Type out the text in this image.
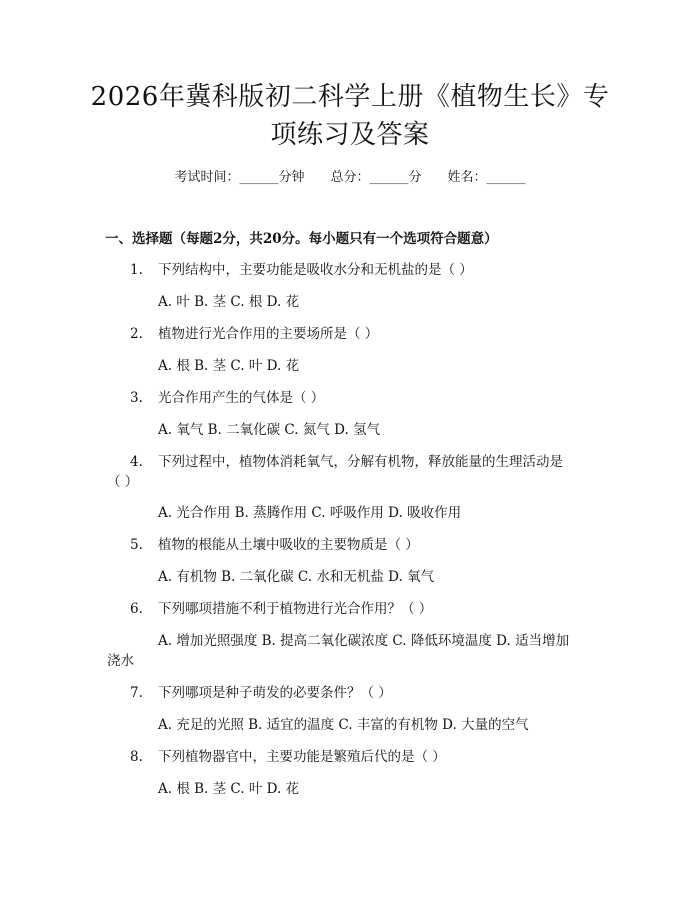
2026年冀科版初二科学上册《植物生长》专
项练习及答案
考试时间：______分钟 总分：______分 姓名：______
一、选择题（每题2分，共20分。每小题只有一个选项符合题意）
1.	下列结构中，主要功能是吸收水分和无机盐的是（ ）
A. 叶 B. 茎 C. 根 D. 花
2.	植物进行光合作用的主要场所是（ ）
A. 根 B. 茎 C. 叶 D. 花
3.	光合作用产生的气体是（ ）
A. 氧气 B. 二氧化碳 C. 氮气 D. 氢气
4.	下列过程中，植物体消耗氧气，分解有机物，释放能量的生理活动是
（ ）
A. 光合作用 B. 蒸腾作用 C. 呼吸作用 D. 吸收作用
5.	植物的根能从土壤中吸收的主要物质是（ ）
A. 有机物 B. 二氧化碳 C. 水和无机盐 D. 氧气
6.	下列哪项措施不利于植物进行光合作用？（ ）
A. 增加光照强度 B. 提高二氧化碳浓度 C. 降低环境温度 D. 适当增加
浇水
7.	下列哪项是种子萌发的必要条件？（ ）
A. 充足的光照 B. 适宜的温度 C. 丰富的有机物 D. 大量的空气
8.	下列植物器官中，主要功能是繁殖后代的是（ ）
A. 根 B. 茎 C. 叶 D. 花
